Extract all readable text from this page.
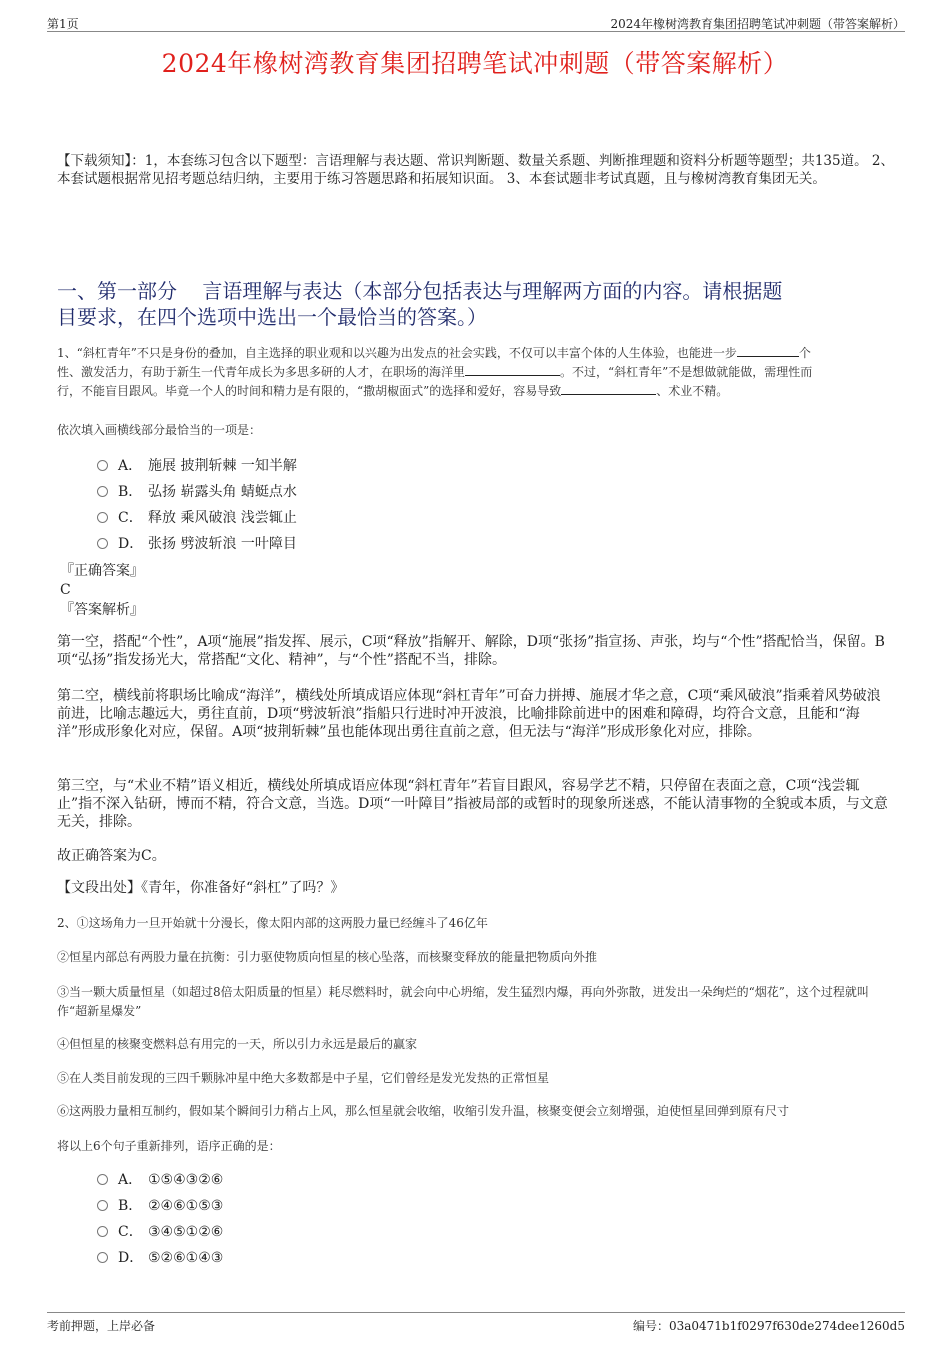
第1页	2024年橡树湾教育集团招聘笔试冲刺题（带答案解析）
2024年橡树湾教育集团招聘笔试冲刺题（带答案解析）
【下载须知】：1，本套练习包含以下题型：言语理解与表达题、常识判断题、数量关系题、判断推理题和资料分析题等题型；共135道。 2、本套试题根据常见招考题总结归纳，主要用于练习答题思路和拓展知识面。 3、本套试题非考试真题，且与橡树湾教育集团无关。
一、第一部分    言语理解与表达（本部分包括表达与理解两方面的内容。请根据题
目要求，在四个选项中选出一个最恰当的答案。）
1、“斜杠青年”不只是身份的叠加，自主选择的职业观和以兴趣为出发点的社会实践，不仅可以丰富个体的人生体验，也能进一步	个
性、激发活力，有助于新生一代青年成长为多思多研的人才，在职场的海洋里	。不过，“斜杠青年”不是想做就能做，需理性而
行，不能盲目跟风。毕竟一个人的时间和精力是有限的，“撒胡椒面式”的选择和爱好，容易导致	、术业不精。
依次填入画横线部分最恰当的一项是：
A． 施展 披荆斩棘 一知半解
B． 弘扬 崭露头角 蜻蜓点水
C． 释放 乘风破浪 浅尝辄止
D． 张扬 劈波斩浪 一叶障目
『正确答案』
C
『答案解析』
第一空，搭配“个性”，A项“施展”指发挥、展示，C项“释放”指解开、解除，D项“张扬”指宣扬、声张，均与“个性”搭配恰当，保留。B项“弘扬”指发扬光大，常搭配“文化、精神”，与“个性”搭配不当，排除。
第二空，横线前将职场比喻成“海洋”，横线处所填成语应体现“斜杠青年”可奋力拼搏、施展才华之意，C项“乘风破浪”指乘着风势破浪前进，比喻志趣远大，勇往直前，D项“劈波斩浪”指船只行进时冲开波浪，比喻排除前进中的困难和障碍，均符合文意，且能和“海洋”形成形象化对应，保留。A项“披荆斩棘”虽也能体现出勇往直前之意，但无法与“海洋”形成形象化对应，排除。
第三空，与“术业不精”语义相近，横线处所填成语应体现“斜杠青年”若盲目跟风，容易学艺不精，只停留在表面之意，C项“浅尝辄止”指不深入钻研，博而不精，符合文意，当选。D项“一叶障目”指被局部的或暂时的现象所迷惑，不能认清事物的全貌或本质，与文意无关，排除。
故正确答案为C。
【文段出处】《青年，你准备好“斜杠”了吗？》
2、①这场角力一旦开始就十分漫长，像太阳内部的这两股力量已经缠斗了46亿年
②恒星内部总有两股力量在抗衡：引力驱使物质向恒星的核心坠落，而核聚变释放的能量把物质向外推
③当一颗大质量恒星（如超过8倍太阳质量的恒星）耗尽燃料时，就会向中心坍缩，发生猛烈内爆，再向外弥散，迸发出一朵绚烂的“烟花”，这个过程就叫作“超新星爆发”
④但恒星的核聚变燃料总有用完的一天，所以引力永远是最后的赢家
⑤在人类目前发现的三四千颗脉冲星中绝大多数都是中子星，它们曾经是发光发热的正常恒星
⑥这两股力量相互制约，假如某个瞬间引力稍占上风，那么恒星就会收缩，收缩引发升温，核聚变便会立刻增强，迫使恒星回弹到原有尺寸
将以上6个句子重新排列，语序正确的是：
A． ①⑤④③②⑥
B． ②④⑥①⑤③
C． ③④⑤①②⑥
D． ⑤②⑥①④③
考前押题，上岸必备	编号：03a0471b1f0297f630de274dee1260d5
